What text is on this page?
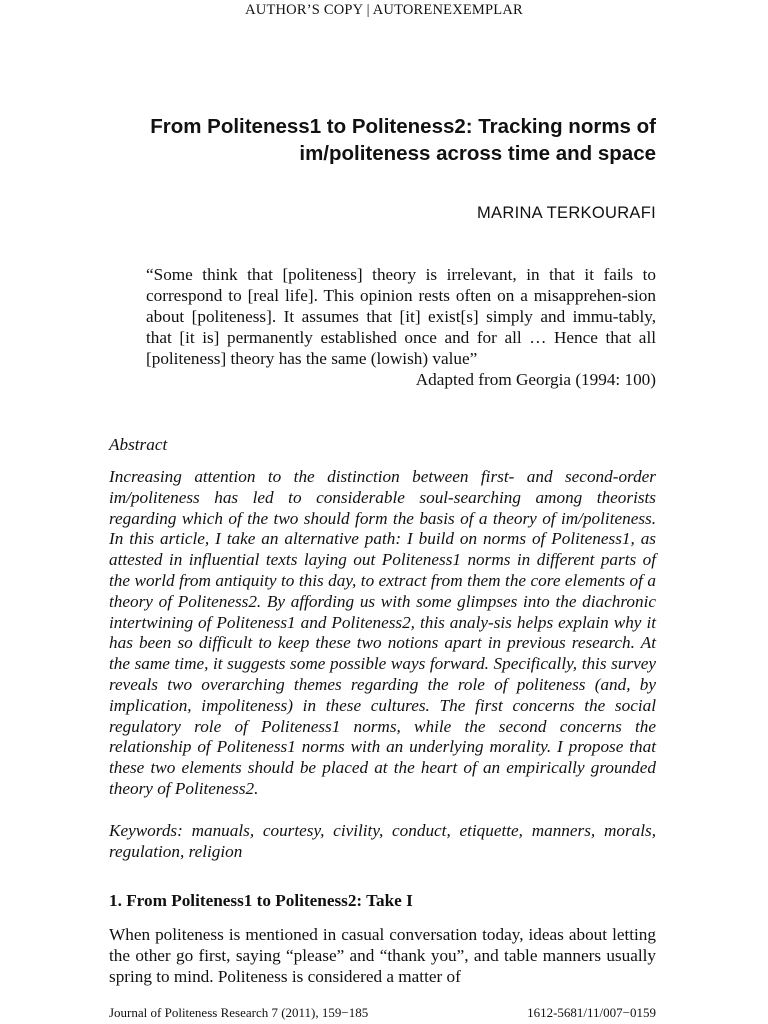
AUTHOR’S COPY | AUTORENEXEMPLAR
From Politeness1 to Politeness2: Tracking norms of im/politeness across time and space
MARINA TERKOURAFI
“Some think that [politeness] theory is irrelevant, in that it fails to correspond to [real life]. This opinion rests often on a misapprehen-sion about [politeness]. It assumes that [it] exist[s] simply and immu-tably, that [it is] permanently established once and for all … Hence that all [politeness] theory has the same (lowish) value”
Adapted from Georgia (1994: 100)
Abstract
Increasing attention to the distinction between first- and second-order im/politeness has led to considerable soul-searching among theorists regarding which of the two should form the basis of a theory of im/politeness. In this article, I take an alternative path: I build on norms of Politeness1, as attested in influential texts laying out Politeness1 norms in different parts of the world from antiquity to this day, to extract from them the core elements of a theory of Politeness2. By affording us with some glimpses into the diachronic intertwining of Politeness1 and Politeness2, this analy-sis helps explain why it has been so difficult to keep these two notions apart in previous research. At the same time, it suggests some possible ways forward. Specifically, this survey reveals two overarching themes regarding the role of politeness (and, by implication, impoliteness) in these cultures. The first concerns the social regulatory role of Politeness1 norms, while the second concerns the relationship of Politeness1 norms with an underlying morality. I propose that these two elements should be placed at the heart of an empirically grounded theory of Politeness2.
Keywords: manuals, courtesy, civility, conduct, etiquette, manners, morals, regulation, religion
1. From Politeness1 to Politeness2: Take I
When politeness is mentioned in casual conversation today, ideas about letting the other go first, saying “please” and “thank you”, and table manners usually spring to mind. Politeness is considered a matter of
Journal of Politeness Research 7 (2011), 159−185	1612-5681/11/007−0159
